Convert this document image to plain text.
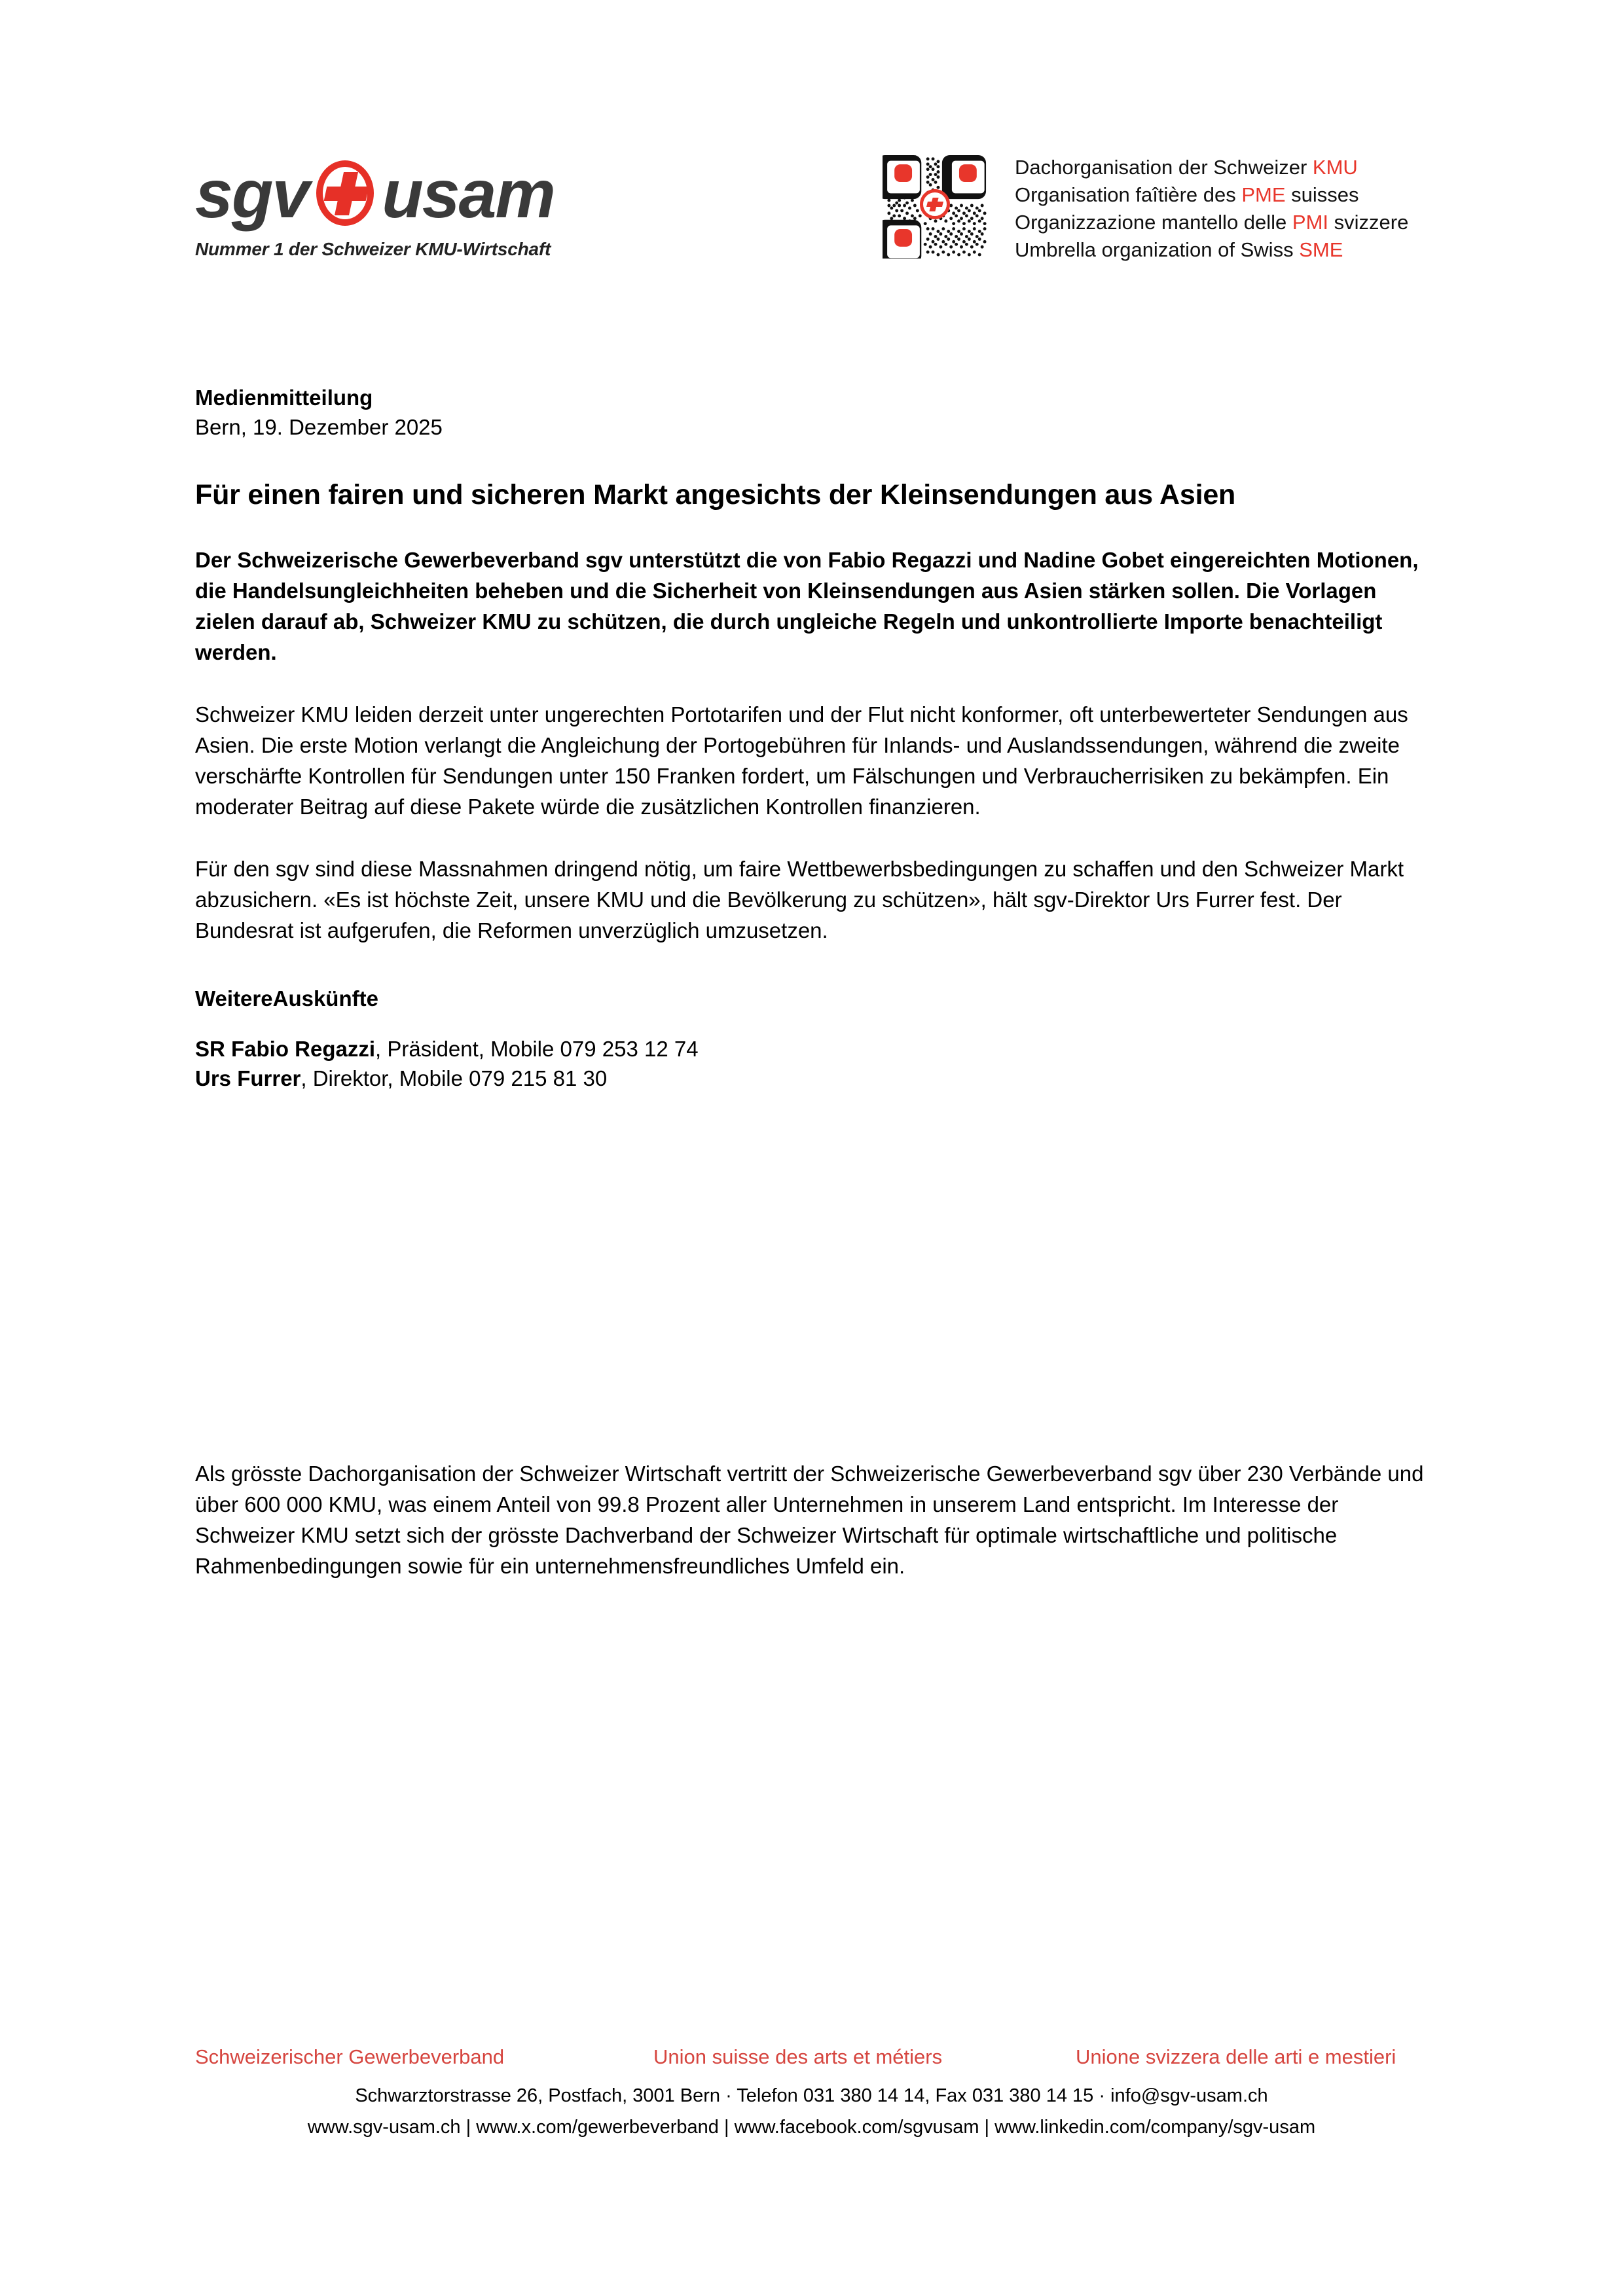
sgv usam
Nummer 1 der Schweizer KMU-Wirtschaft
Dachorganisation der Schweizer KMU
Organisation faîtière des PME suisses
Organizzazione mantello delle PMI svizzere
Umbrella organization of Swiss SME
Medienmitteilung
Bern, 19. Dezember 2025
Für einen fairen und sicheren Markt angesichts der Kleinsendungen aus Asien

Der Schweizerische Gewerbeverband sgv unterstützt die von Fabio Regazzi und Nadine Gobet eingereichten Motionen, die Handelsungleichheiten beheben und die Sicherheit von Kleinsendungen aus Asien stärken sollen. Die Vorlagen zielen darauf ab, Schweizer KMU zu schützen, die durch ungleiche Regeln und unkontrollierte Importe benachteiligt werden.

Schweizer KMU leiden derzeit unter ungerechten Portotarifen und der Flut nicht konformer, oft unterbewerteter Sendungen aus Asien. Die erste Motion verlangt die Angleichung der Portogebühren für Inlands- und Auslandssendungen, während die zweite verschärfte Kontrollen für Sendungen unter 150 Franken fordert, um Fälschungen und Verbraucherrisiken zu bekämpfen. Ein moderater Beitrag auf diese Pakete würde die zusätzlichen Kontrollen finanzieren.

Für den sgv sind diese Massnahmen dringend nötig, um faire Wettbewerbsbedingungen zu schaffen und den Schweizer Markt abzusichern. «Es ist höchste Zeit, unsere KMU und die Bevölkerung zu schützen», hält sgv-Direktor Urs Furrer fest. Der Bundesrat ist aufgerufen, die Reformen unverzüglich umzusetzen.

WeitereAuskünfte
SR Fabio Regazzi, Präsident, Mobile 079 253 12 74
Urs Furrer, Direktor, Mobile 079 215 81 30

Als grösste Dachorganisation der Schweizer Wirtschaft vertritt der Schweizerische Gewerbeverband sgv über 230 Verbände und über 600 000 KMU, was einem Anteil von 99.8 Prozent aller Unternehmen in unserem Land entspricht. Im Interesse der Schweizer KMU setzt sich der grösste Dachverband der Schweizer Wirtschaft für optimale wirtschaftliche und politische Rahmenbedingungen sowie für ein unternehmensfreundliches Umfeld ein.

Schweizerischer Gewerbeverband	Union suisse des arts et métiers	Unione svizzera delle arti e mestieri
Schwarztorstrasse 26, Postfach, 3001 Bern · Telefon 031 380 14 14, Fax 031 380 14 15 · info@sgv-usam.ch
www.sgv-usam.ch | www.x.com/gewerbeverband | www.facebook.com/sgvusam | www.linkedin.com/company/sgv-usam
